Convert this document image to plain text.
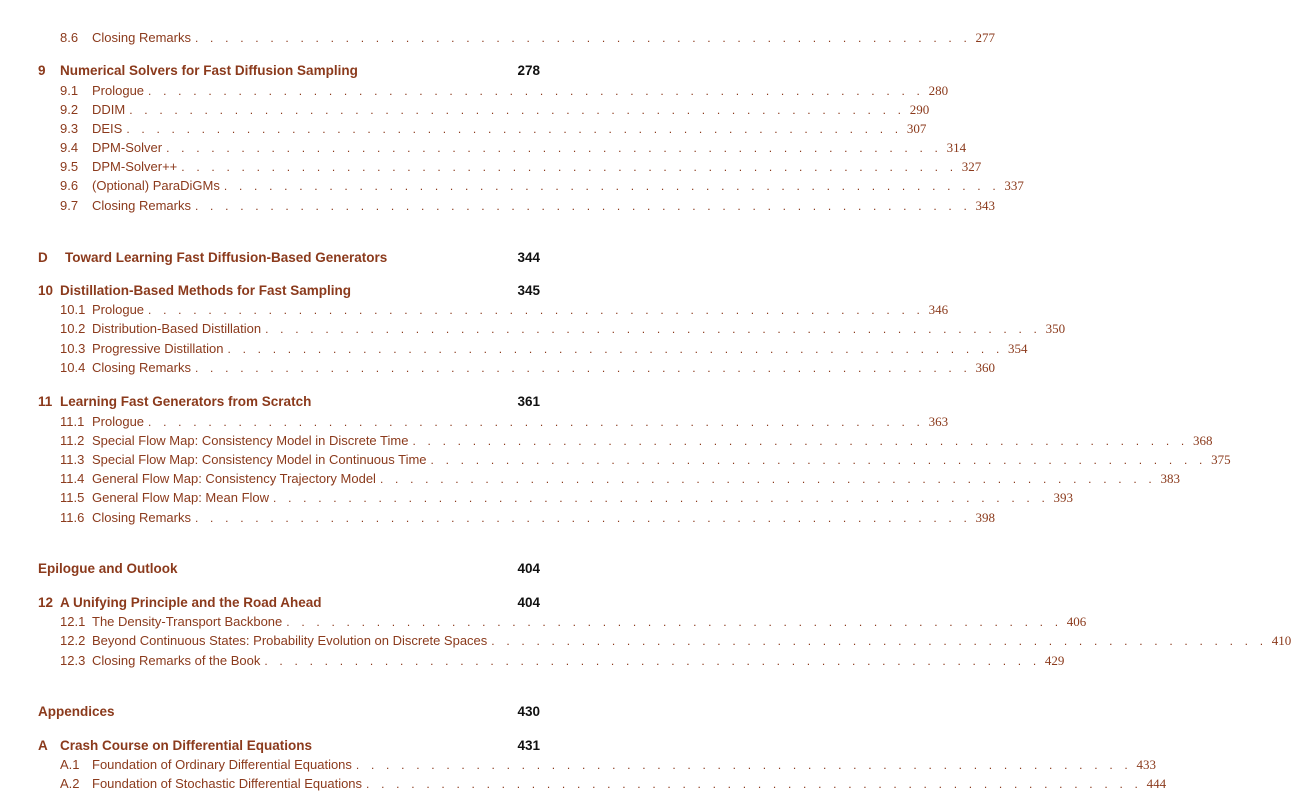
8.6	Closing Remarks . . . . . . . . . . . . . . . . . . . . . . . . . . . . . . . . . . . . . . . . . . . . . . . . . . . . 277
9	Numerical Solvers for Fast Diffusion Sampling	278
9.1	Prologue . . . . . . . . . . . . . . . . . . . . . . . . . . . . . . . . . . . . . . . . . . . . . . . . . . . . 280
9.2	DDIM . . . . . . . . . . . . . . . . . . . . . . . . . . . . . . . . . . . . . . . . . . . . . . . . . . . . 290
9.3	DEIS . . . . . . . . . . . . . . . . . . . . . . . . . . . . . . . . . . . . . . . . . . . . . . . . . . . . 307
9.4	DPM-Solver . . . . . . . . . . . . . . . . . . . . . . . . . . . . . . . . . . . . . . . . . . . . . . . . . . . . 314
9.5	DPM-Solver++ . . . . . . . . . . . . . . . . . . . . . . . . . . . . . . . . . . . . . . . . . . . . . . . . . . . . 327
9.6	(Optional) ParaDiGMs . . . . . . . . . . . . . . . . . . . . . . . . . . . . . . . . . . . . . . . . . . . . . . . . . . . . 337
9.7	Closing Remarks . . . . . . . . . . . . . . . . . . . . . . . . . . . . . . . . . . . . . . . . . . . . . . . . . . . . 343
D	Toward Learning Fast Diffusion-Based Generators	344
10 Distillation-Based Methods for Fast Sampling	345
10.1 Prologue . . . . . . . . . . . . . . . . . . . . . . . . . . . . . . . . . . . . . . . . . . . . . . . . . . . . 346
10.2 Distribution-Based Distillation . . . . . . . . . . . . . . . . . . . . . . . . . . . . . . . . . . . . . . . . . . . . . . . . . . . . 350
10.3 Progressive Distillation . . . . . . . . . . . . . . . . . . . . . . . . . . . . . . . . . . . . . . . . . . . . . . . . . . . . 354
10.4 Closing Remarks . . . . . . . . . . . . . . . . . . . . . . . . . . . . . . . . . . . . . . . . . . . . . . . . . . . . 360
11 Learning Fast Generators from Scratch	361
11.1 Prologue . . . . . . . . . . . . . . . . . . . . . . . . . . . . . . . . . . . . . . . . . . . . . . . . . . . . 363
11.2 Special Flow Map: Consistency Model in Discrete Time . . . . . . . . . . . . . . . . . . . . . . . . . . . . . . . . . . . . . . . . . . . . . . . . . . . . 368
11.3 Special Flow Map: Consistency Model in Continuous Time . . . . . . . . . . . . . . . . . . . . . . . . . . . . . . . . . . . . . . . . . . . . . . . . . . . . 375
11.4 General Flow Map: Consistency Trajectory Model . . . . . . . . . . . . . . . . . . . . . . . . . . . . . . . . . . . . . . . . . . . . . . . . . . . . 383
11.5 General Flow Map: Mean Flow . . . . . . . . . . . . . . . . . . . . . . . . . . . . . . . . . . . . . . . . . . . . . . . . . . . . 393
11.6 Closing Remarks . . . . . . . . . . . . . . . . . . . . . . . . . . . . . . . . . . . . . . . . . . . . . . . . . . . . 398
Epilogue and Outlook	404
12 A Unifying Principle and the Road Ahead	404
12.1 The Density-Transport Backbone . . . . . . . . . . . . . . . . . . . . . . . . . . . . . . . . . . . . . . . . . . . . . . . . . . . . 406
12.2 Beyond Continuous States: Probability Evolution on Discrete Spaces . . . . . . . . . . . . . . . . . . . . . . . . . . . . . . . . . . . . . . . . . . . . . . . . . . . . 410
12.3 Closing Remarks of the Book . . . . . . . . . . . . . . . . . . . . . . . . . . . . . . . . . . . . . . . . . . . . . . . . . . . . 429
Appendices	430
A Crash Course on Differential Equations	431
A.1 Foundation of Ordinary Differential Equations . . . . . . . . . . . . . . . . . . . . . . . . . . . . . . . . . . . . . . . . . . . . . . . . . . . . 433
A.2 Foundation of Stochastic Differential Equations . . . . . . . . . . . . . . . . . . . . . . . . . . . . . . . . . . . . . . . . . . . . . . . . . . . . 444
